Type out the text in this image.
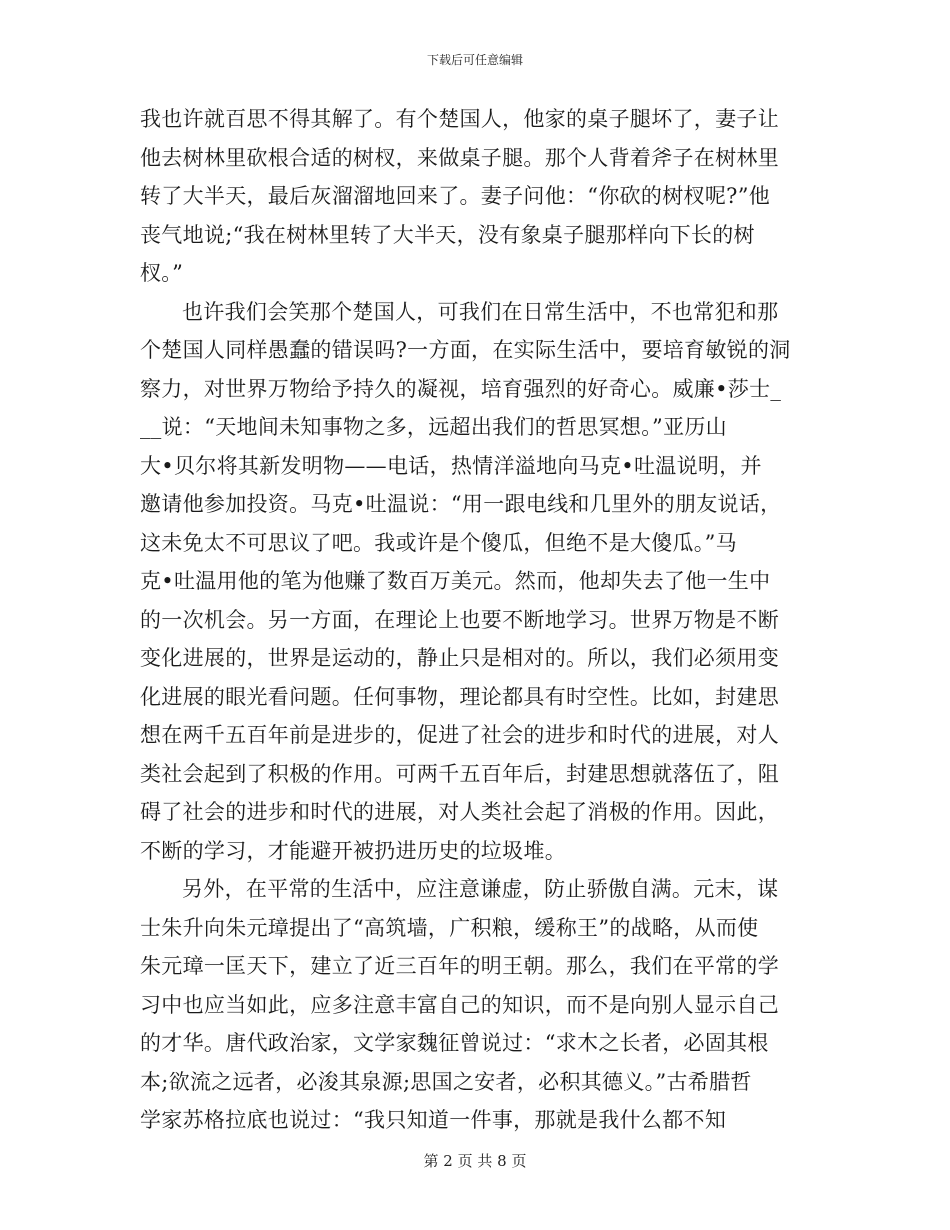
下载后可任意编辑

我也许就百思不得其解了。有个楚国人，他家的桌子腿坏了，妻子让
他去树林里砍根合适的树杈，来做桌子腿。那个人背着斧子在树林里
转了大半天，最后灰溜溜地回来了。妻子问他：“你砍的树杈呢?”他
丧气地说;“我在树林里转了大半天，没有象桌子腿那样向下长的树
杈。”

也许我们会笑那个楚国人，可我们在日常生活中，不也常犯和那
个楚国人同样愚蠢的错误吗?一方面，在实际生活中，要培育敏锐的洞
察力，对世界万物给予持久的凝视，培育强烈的好奇心。威廉•莎士_
__说：“天地间未知事物之多，远超出我们的哲思冥想。”亚历山
大•贝尔将其新发明物——电话，热情洋溢地向马克•吐温说明，并
邀请他参加投资。马克•吐温说：“用一跟电线和几里外的朋友说话，
这未免太不可思议了吧。我或许是个傻瓜，但绝不是大傻瓜。”马
克•吐温用他的笔为他赚了数百万美元。然而，他却失去了他一生中
的一次机会。另一方面，在理论上也要不断地学习。世界万物是不断
变化进展的，世界是运动的，静止只是相对的。所以，我们必须用变
化进展的眼光看问题。任何事物，理论都具有时空性。比如，封建思
想在两千五百年前是进步的，促进了社会的进步和时代的进展，对人
类社会起到了积极的作用。可两千五百年后，封建思想就落伍了，阻
碍了社会的进步和时代的进展，对人类社会起了消极的作用。因此，
不断的学习，才能避开被扔进历史的垃圾堆。

另外，在平常的生活中，应注意谦虚，防止骄傲自满。元末，谋
士朱升向朱元璋提出了“高筑墙，广积粮，缓称王”的战略，从而使
朱元璋一匡天下，建立了近三百年的明王朝。那么，我们在平常的学
习中也应当如此，应多注意丰富自己的知识，而不是向别人显示自己
的才华。唐代政治家，文学家魏征曾说过：“求木之长者，必固其根
本;欲流之远者，必浚其泉源;思国之安者，必积其德义。”古希腊哲
学家苏格拉底也说过：“我只知道一件事，那就是我什么都不知

第 2 页 共 8 页
